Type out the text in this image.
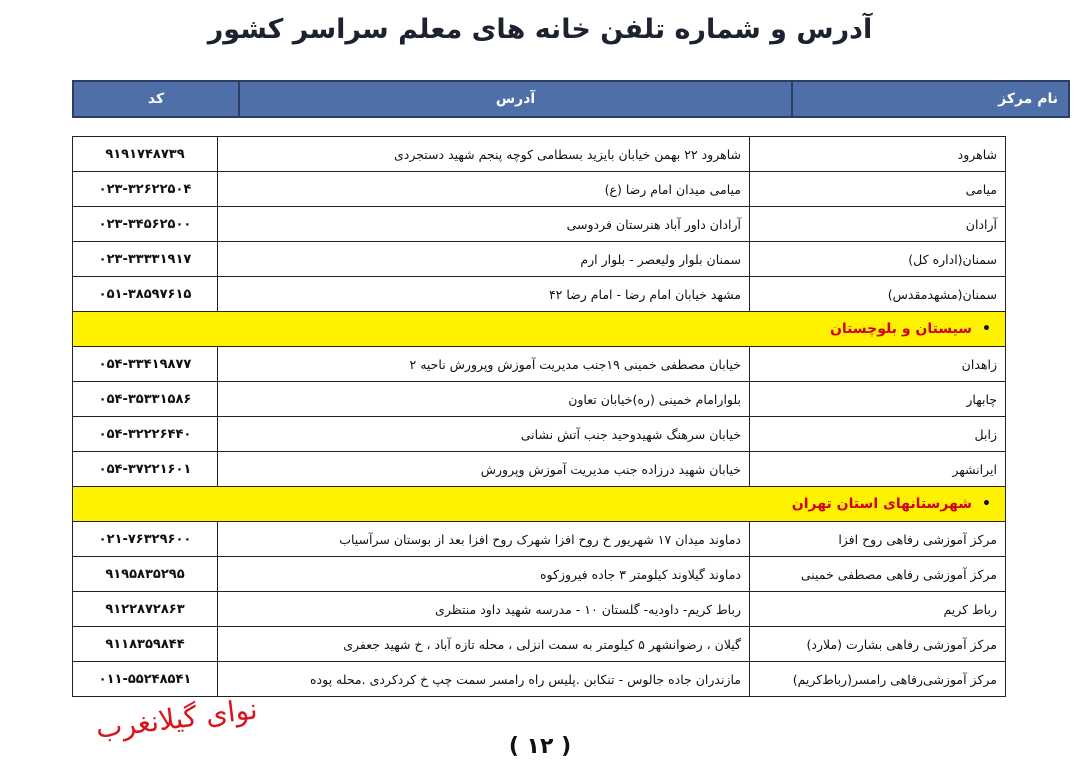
آدرس و شماره تلفن خانه های معلم سراسر کشور
نام مرکز	آدرس	کد
شاهرود	شاهرود ۲۲ بهمن خیابان بایزید بسطامی کوچه پنجم شهید دستجردی	۹۱۹۱۷۴۸۷۳۹
میامی	میامی میدان امام رضا (ع)	۰۲۳-۳۲۶۲۲۵۰۴
آرادان	آرادان داور آباد هنرستان فردوسی	۰۲۳-۳۴۵۶۲۵۰۰
سمنان(اداره کل)	سمنان بلوار ولیعصر - بلوار ارم	۰۲۳-۳۳۳۳۱۹۱۷
سمنان(مشهدمقدس)	مشهد خیابان امام رضا - امام رضا ۴۲	۰۵۱-۳۸۵۹۷۶۱۵
•سیستان و بلوچستان		
زاهدان	خیابان مصطفی خمینی ۱۹جنب مدیریت آموزش وپرورش ناحیه ۲	۰۵۴-۳۳۴۱۹۸۷۷
چابهار	بلوارامام خمینی (ره)خیابان تعاون	۰۵۴-۳۵۳۳۱۵۸۶
زابل	خیابان سرهنگ شهیدوحید جنب آتش نشانی	۰۵۴-۳۲۲۲۶۴۴۰
ایرانشهر	خیابان شهید درزاده جنب مدیریت آموزش وپرورش	۰۵۴-۳۷۲۲۱۶۰۱
•شهرستانهای استان تهران		
مرکز آموزشی رفاهی روح افزا	دماوند میدان ۱۷ شهریور خ روح افزا شهرک روح افزا بعد از بوستان سرآسیاب	۰۲۱-۷۶۳۲۹۶۰۰
مرکز آموزشی رفاهی مصطفی خمینی	دماوند گیلاوند کیلومتر ۳ جاده فیروزکوه	۹۱۹۵۸۳۵۲۹۵
رباط کریم	رباط کریم- داودیه- گلستان ۱۰ - مدرسه شهید داود منتظری	۹۱۲۲۸۷۲۸۶۳
مرکز آموزشی رفاهی بشارت (ملارد)	گیلان ، رضوانشهر ۵ کیلومتر به سمت انزلی ، محله تازه آباد ، خ شهید جعفری	۹۱۱۸۳۵۹۸۴۴
مرکز آموزشی‌رفاهی رامسر(رباط‌کریم)	مازندران جاده جالوس - تنکابن .پلیس راه رامسر سمت چپ خ کردکردی .محله پوده	۰۱۱-۵۵۲۴۸۵۴۱
نوای گیلانغرب
( ۱۲ )
